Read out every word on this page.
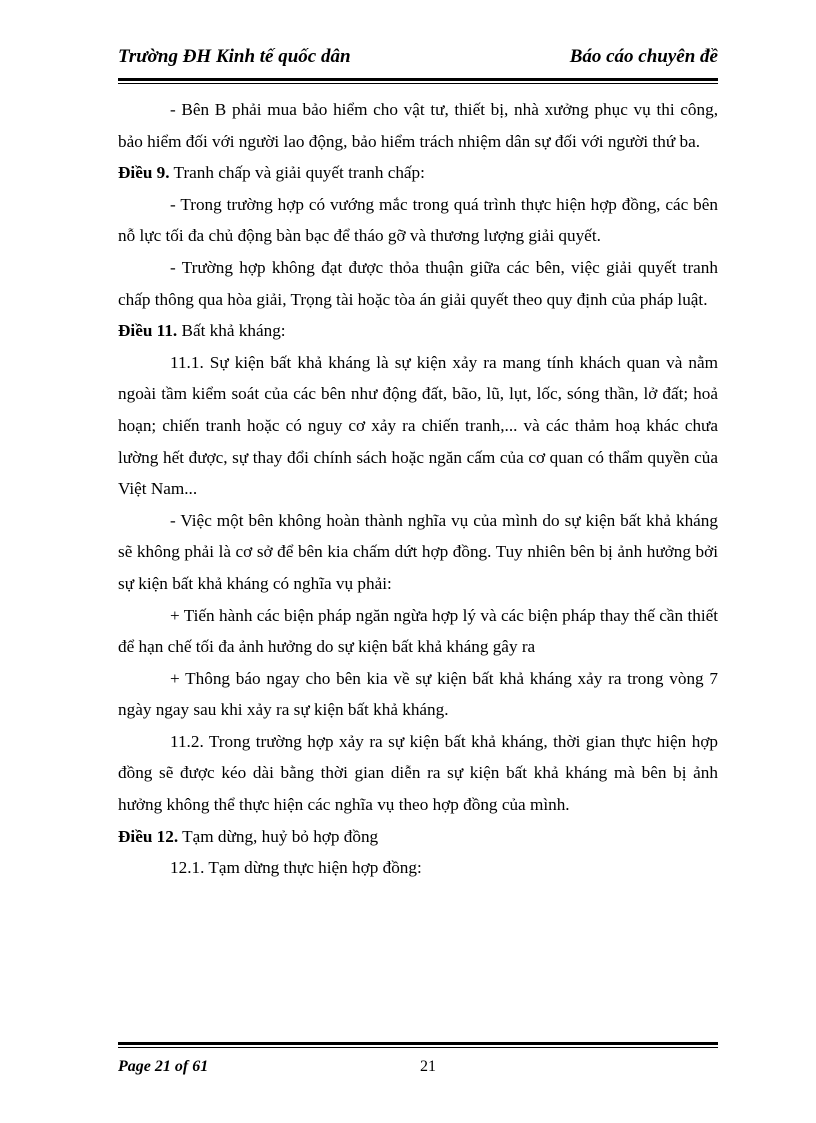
Trường ĐH Kinh tế quốc dân	Báo cáo chuyên đề

- Bên B phải mua bảo hiểm cho vật tư, thiết bị, nhà xưởng phục vụ thi công, bảo hiểm đối với người lao động, bảo hiểm trách nhiệm dân sự đối với người thứ ba.

Điều 9. Tranh chấp và giải quyết tranh chấp:

- Trong trường hợp có vướng mắc trong quá trình thực hiện hợp đồng, các bên nỗ lực tối đa chủ động bàn bạc để tháo gỡ và thương lượng giải quyết.

- Trường hợp không đạt được thỏa thuận giữa các bên, việc giải quyết tranh chấp thông qua hòa giải, Trọng tài hoặc tòa án giải quyết theo quy định của pháp luật.

Điều 11. Bất khả kháng:

11.1. Sự kiện bất khả kháng là sự kiện xảy ra mang tính khách quan và nằm ngoài tầm kiểm soát của các bên như động đất, bão, lũ, lụt, lốc, sóng thần, lở đất; hoả hoạn; chiến tranh hoặc có nguy cơ xảy ra chiến tranh,... và các thảm hoạ khác chưa lường hết được, sự thay đổi chính sách hoặc ngăn cấm của cơ quan có thẩm quyền của Việt Nam...

- Việc một bên không hoàn thành nghĩa vụ của mình do sự kiện bất khả kháng sẽ không phải là cơ sở để bên kia chấm dứt hợp đồng. Tuy nhiên bên bị ảnh hưởng bởi sự kiện bất khả kháng có nghĩa vụ phải:

+ Tiến hành các biện pháp ngăn ngừa hợp lý và các biện pháp thay thế cần thiết để hạn chế tối đa ảnh hưởng do sự kiện bất khả kháng gây ra

+ Thông báo ngay cho bên kia về sự kiện bất khả kháng xảy ra trong vòng 7 ngày ngay sau khi xảy ra sự kiện bất khả kháng.

11.2. Trong trường hợp xảy ra sự kiện bất khả kháng, thời gian thực hiện hợp đồng sẽ được kéo dài bằng thời gian diễn ra sự kiện bất khả kháng mà bên bị ảnh hưởng không thể thực hiện các nghĩa vụ theo hợp đồng của mình.

Điều 12. Tạm dừng, huỷ bỏ hợp đồng

12.1. Tạm dừng thực hiện hợp đồng:

Page 21 of 61	21
